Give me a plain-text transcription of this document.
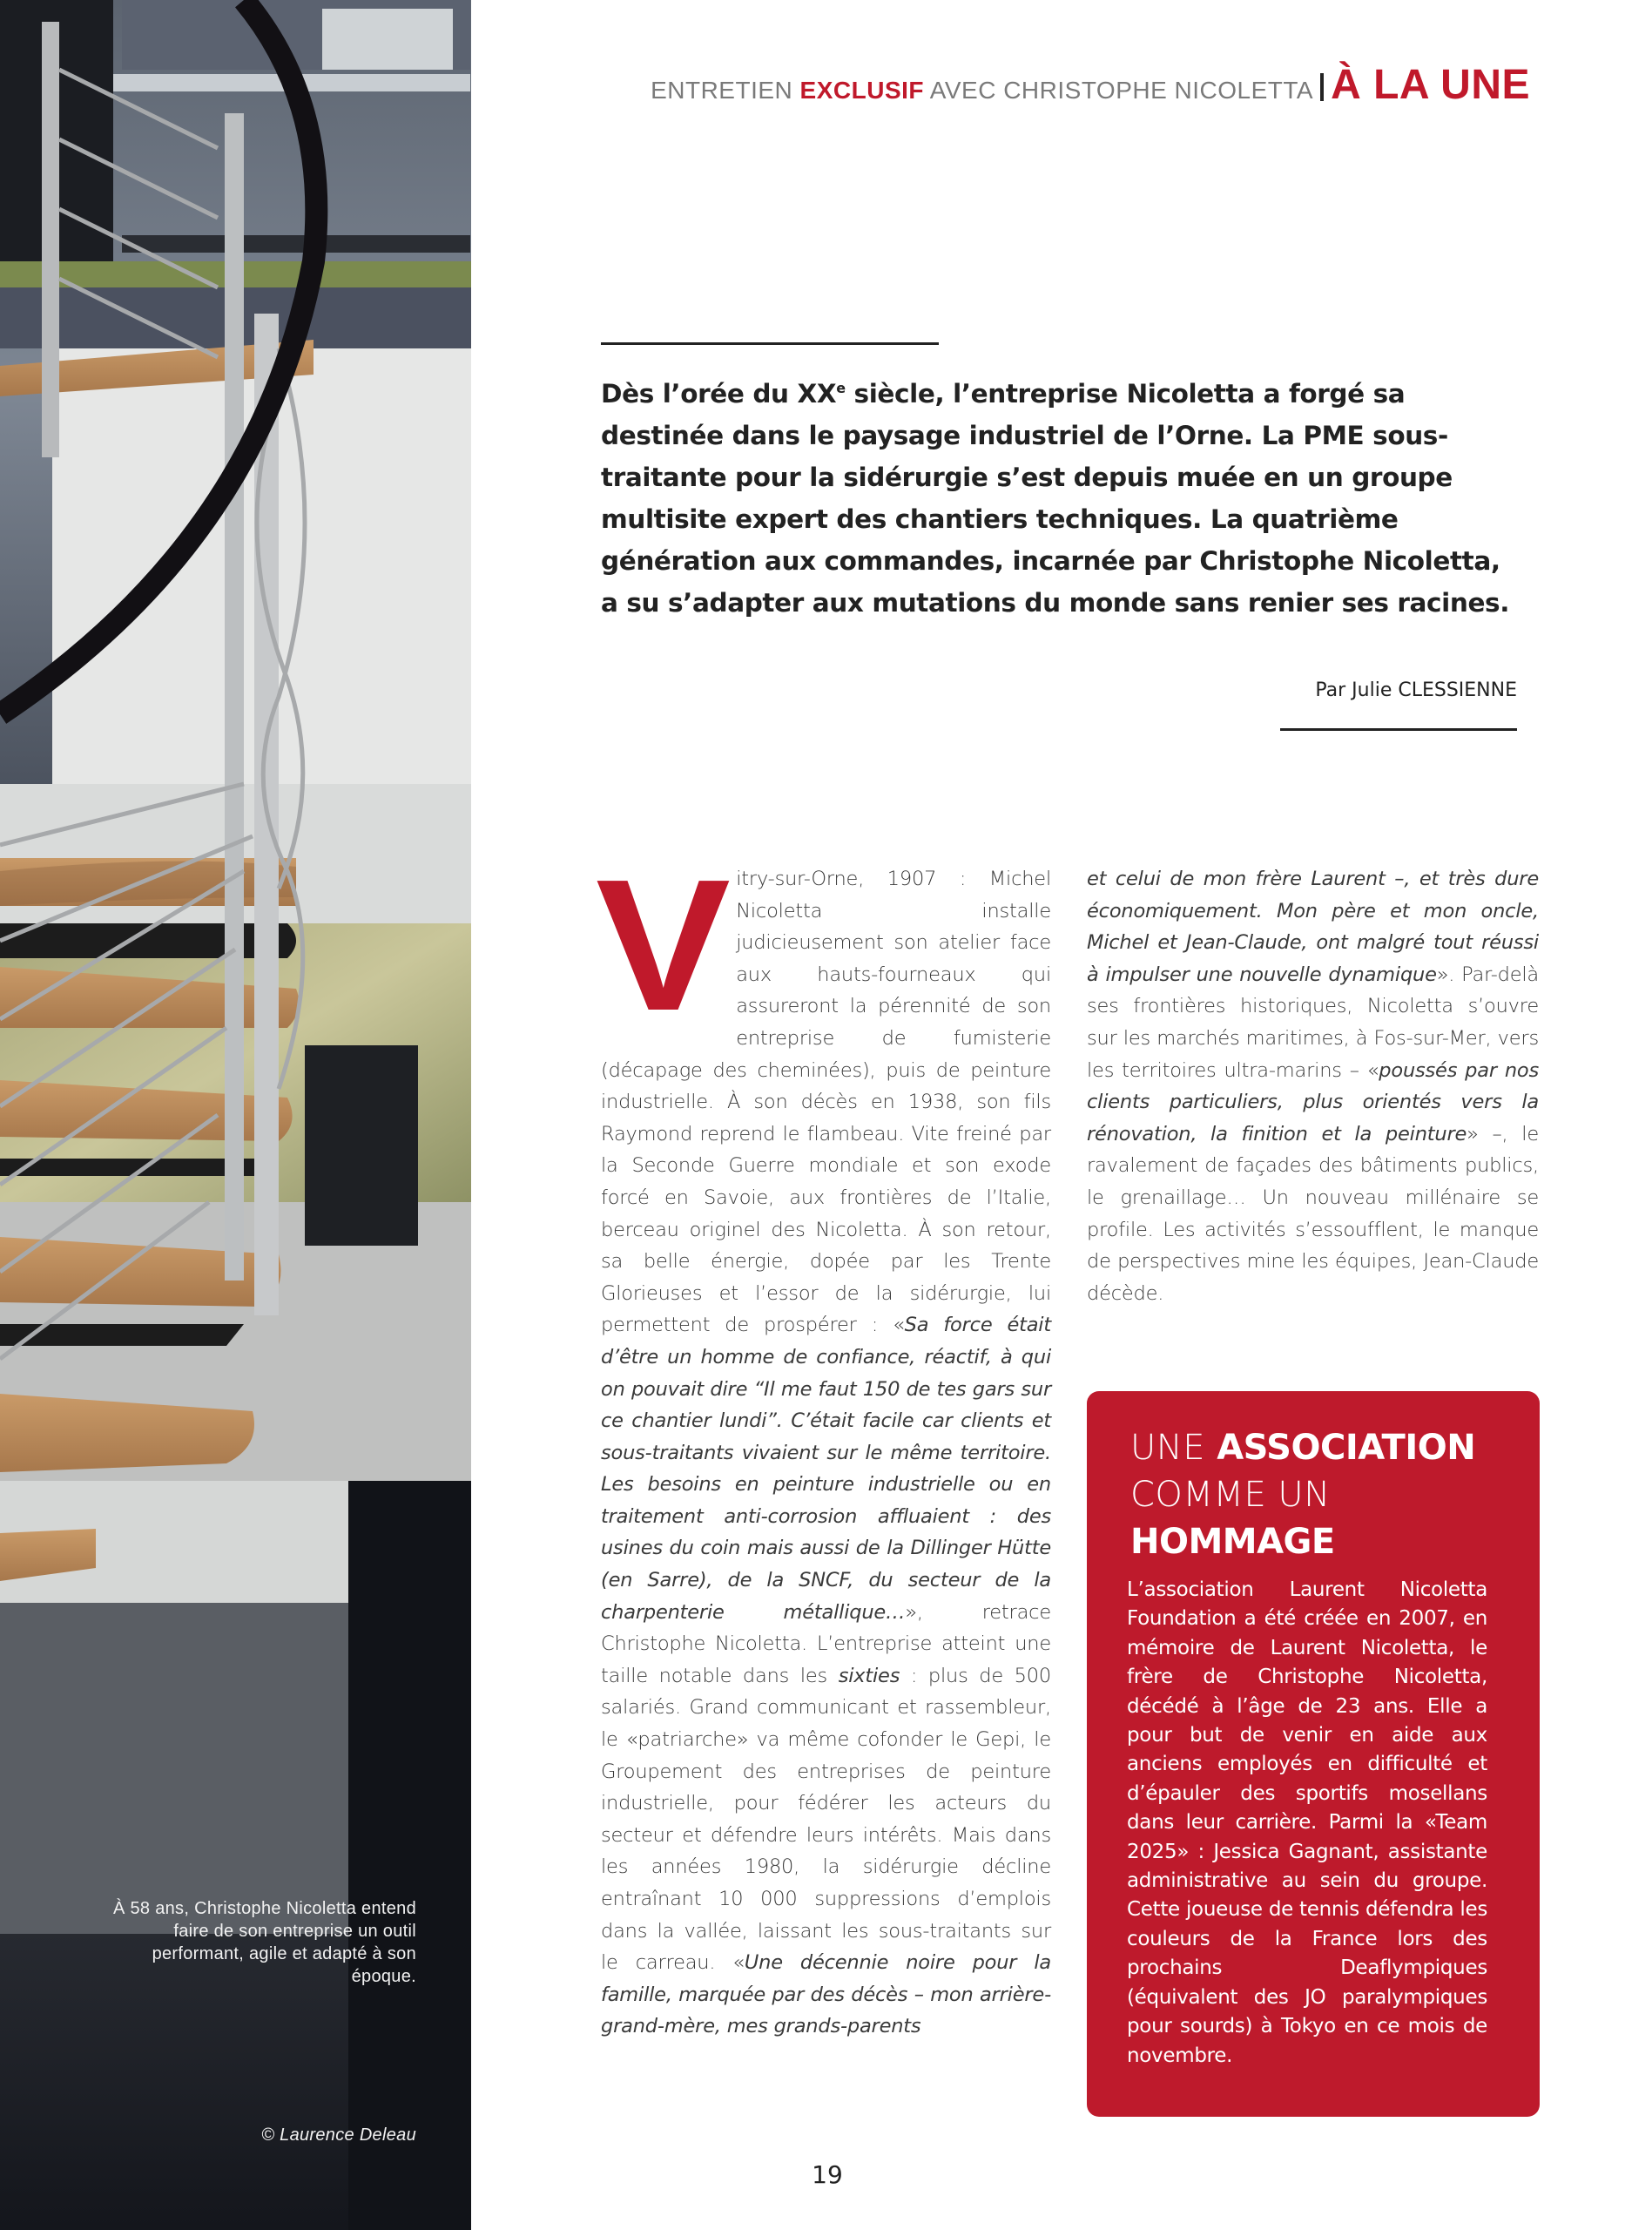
À 58 ans, Christophe Nicoletta entend faire de son entreprise un outil performant, agile et adapté à son époque.
© Laurence Deleau
ENTRETIEN EXCLUSIF AVEC CHRISTOPHE NICOLETTA À LA UNE

Dès l’orée du XXe siècle, l’entreprise Nicoletta a forgé sa destinée dans le paysage industriel de l’Orne. La PME sous-traitante pour la sidérurgie s’est depuis muée en un groupe multisite expert des chantiers techniques. La quatrième génération aux commandes, incarnée par Christophe Nicoletta, a su s’adapter aux mutations du monde sans renier ses racines.

Par Julie CLESSIENNE
Vitry-sur-Orne, 1907 : Michel Nicoletta installe judicieusement son atelier face aux hauts-fourneaux qui assureront la pérennité de son entreprise de fumisterie (décapage des cheminées), puis de peinture industrielle. À son décès en 1938, son fils Raymond reprend le flambeau. Vite freiné par la Seconde Guerre mondiale et son exode forcé en Savoie, aux frontières de l’Italie, berceau originel des Nicoletta. À son retour, sa belle énergie, dopée par les Trente Glorieuses et l’essor de la sidérurgie, lui permettent de prospérer : «Sa force était d’être un homme de confiance, réactif, à qui on pouvait dire “Il me faut 150 de tes gars sur ce chantier lundi”. C’était facile car clients et sous-traitants vivaient sur le même territoire. Les besoins en peinture industrielle ou en traitement anti-corrosion affluaient : des usines du coin mais aussi de la Dillinger Hütte (en Sarre), de la SNCF, du secteur de la charpenterie métallique…», retrace Christophe Nicoletta. L’entreprise atteint une taille notable dans les sixties : plus de 500 salariés. Grand communicant et rassembleur, le «patriarche» va même cofonder le Gepi, le Groupement des entreprises de peinture industrielle, pour fédérer les acteurs du secteur et défendre leurs intérêts. Mais dans les années 1980, la sidérurgie décline entraînant 10 000 suppressions d’emplois dans la vallée, laissant les sous-traitants sur le carreau. «Une décennie noire pour la famille, marquée par des décès – mon arrière-grand-mère, mes grands-parents
et celui de mon frère Laurent –, et très dure économiquement. Mon père et mon oncle, Michel et Jean-Claude, ont malgré tout réussi à impulser une nouvelle dynamique». Par-delà ses frontières historiques, Nicoletta s’ouvre sur les marchés maritimes, à Fos-sur-Mer, vers les territoires ultra-marins – «poussés par nos clients particuliers, plus orientés vers la rénovation, la finition et la peinture» –, le ravalement de façades des bâtiments publics, le grenaillage… Un nouveau millénaire se profile. Les activités s’essoufflent, le manque de perspectives mine les équipes, Jean-Claude décède.
UNE ASSOCIATION
COMME UN
HOMMAGE
L’association Laurent Nicoletta Foundation a été créée en 2007, en mémoire de Laurent Nicoletta, le frère de Christophe Nicoletta, décédé à l’âge de 23 ans. Elle a pour but de venir en aide aux anciens employés en difficulté et d’épauler des sportifs mosellans dans leur carrière. Parmi la «Team 2025» : Jessica Gagnant, assistante administrative au sein du groupe. Cette joueuse de tennis défendra les couleurs de la France lors des prochains Deaflympiques (équivalent des JO paralympiques pour sourds) à Tokyo en ce mois de novembre.
19
